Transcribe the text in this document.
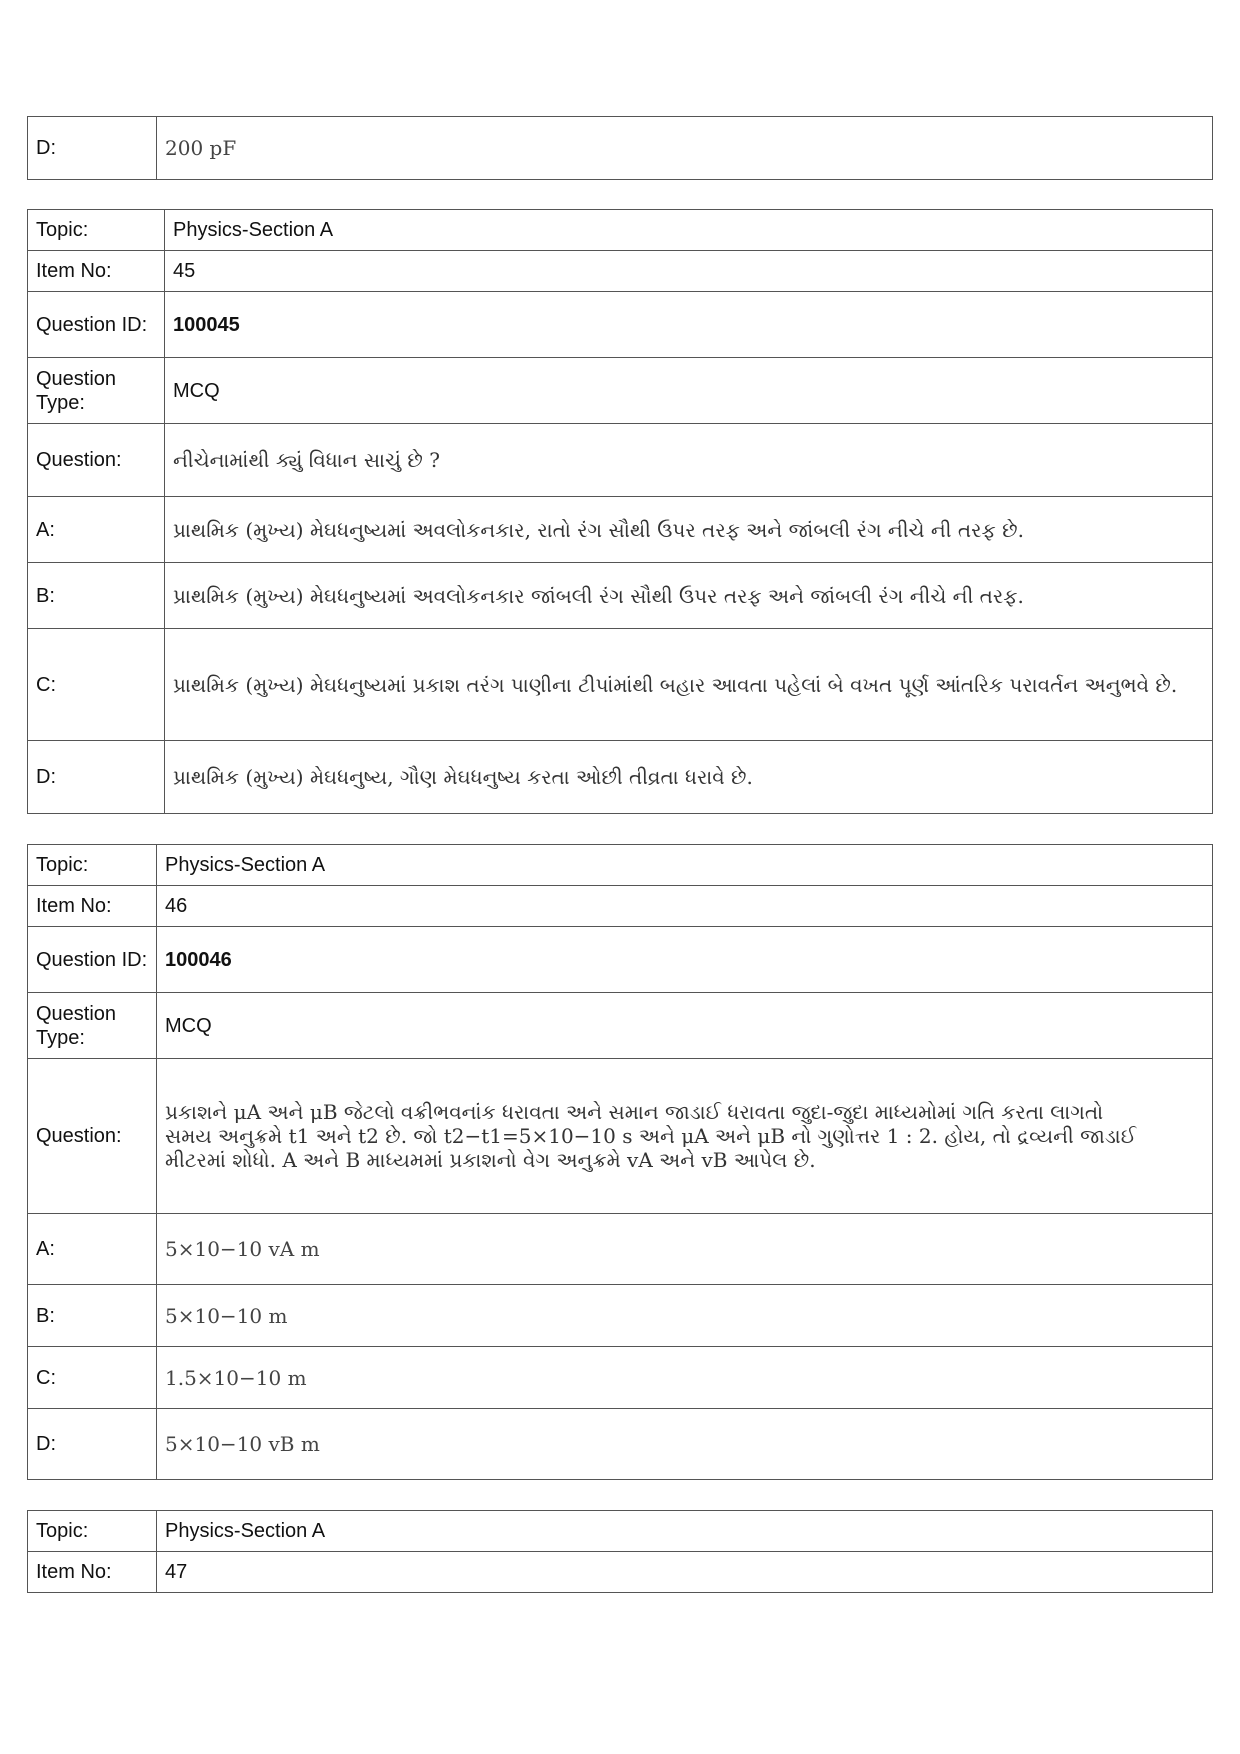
D:	200 pF
Topic:	Physics-Section A
Item No:	45
Question ID:	100045
Question Type:	MCQ
Question:	નીચેનામાંથી ક્યું વિધાન સાચું છે ?
A:	પ્રાથમિક (મુખ્ય) મેઘધનુષ્યમાં અવલોકનકાર, રાતો રંગ સૌથી ઉપર તરફ અને જાંબલી રંગ નીચે ની તરફ છે.
B:	પ્રાથમિક (મુખ્ય) મેઘધનુષ્યમાં અવલોકનકાર જાંબલી રંગ સૌથી ઉપર તરફ અને જાંબલી રંગ નીચે ની તરફ.
C:	પ્રાથમિક (મુખ્ય) મેઘધનુષ્યમાં પ્રકાશ તરંગ પાણીના ટીપાંમાંથી બહાર આવતા પહેલાં બે વખત પૂર્ણ આંતરિક પરાવર્તન અનુભવે છે.
D:	પ્રાથમિક (મુખ્ય) મેઘધનુષ્ય, ગૌણ મેઘધનુષ્ય કરતા ઓછી તીવ્રતા ધરાવે છે.
Topic:	Physics-Section A
Item No:	46
Question ID:	100046
Question Type:	MCQ
Question:	પ્રકાશને μA અને μB જેટલો વક્રીભવનાંક ધરાવતા અને સમાન જાડાઈ ધરાવતા જુદા-જુદા માધ્યમોમાં ગતિ કરતા લાગતો
સમય અનુક્રમે t1 અને t2 છે. જો t2−t1=5×10−10 s અને μA અને μB નો ગુણોત્તર 1 : 2. હોય, તો દ્રવ્યની જાડાઈ
મીટરમાં શોધો. A અને B માધ્યમમાં પ્રકાશનો વેગ અનુક્રમે vA અને vB આપેલ છે.

A:	5×10−10 vA m
B:	5×10−10 m
C:	1.5×10−10 m
D:	5×10−10 vB m
Topic:	Physics-Section A
Item No:	47
